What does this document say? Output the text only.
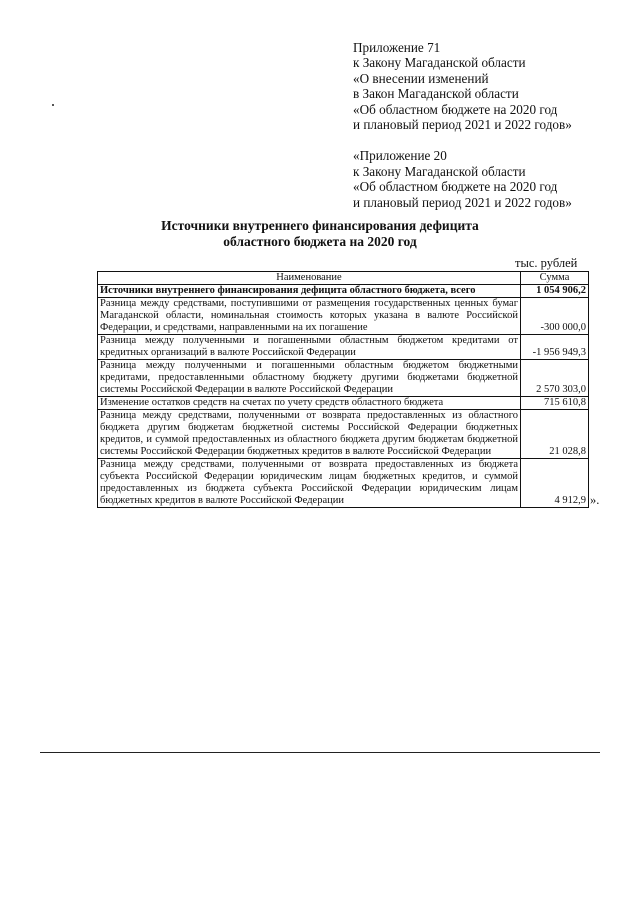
Приложение 71
к Закону Магаданской области
«О внесении изменений
в Закон Магаданской области
«Об областном бюджете на 2020 год
и плановый период 2021 и 2022 годов»
«Приложение 20
к Закону Магаданской области
«Об областном бюджете на 2020 год
и плановый период 2021 и 2022 годов»
Источники внутреннего финансирования дефицита
областного бюджета на 2020 год
тыс. рублей
Наименование	Сумма
Источники внутреннего финансирования дефицита областного бюджета, всего	1 054 906,2
Разница между средствами, поступившими от размещения государственных ценных бумаг Магаданской области, номинальная стоимость которых указана в валюте Российской Федерации, и средствами, направленными на их погашение	-300 000,0
Разница между полученными и погашенными областным бюджетом кредитами от кредитных организаций в валюте Российской Федерации	-1 956 949,3
Разница между полученными и погашенными областным бюджетом бюджетными кредитами, предоставленными областному бюджету другими бюджетами бюджетной системы Российской Федерации в валюте Российской Федерации	2 570 303,0
Изменение остатков средств на счетах по учету средств областного бюджета	715 610,8
Разница между средствами, полученными от возврата предоставленных из областного бюджета другим бюджетам бюджетной системы Российской Федерации бюджетных кредитов, и суммой предоставленных из областного бюджета другим бюджетам бюджетной системы Российской Федерации бюджетных кредитов в валюте Российской Федерации	21 028,8
Разница между средствами, полученными от возврата предоставленных из бюджета субъекта Российской Федерации юридическим лицам бюджетных кредитов, и суммой предоставленных из бюджета субъекта Российской Федерации юридическим лицам бюджетных кредитов в валюте Российской Федерации	4 912,9 ».
